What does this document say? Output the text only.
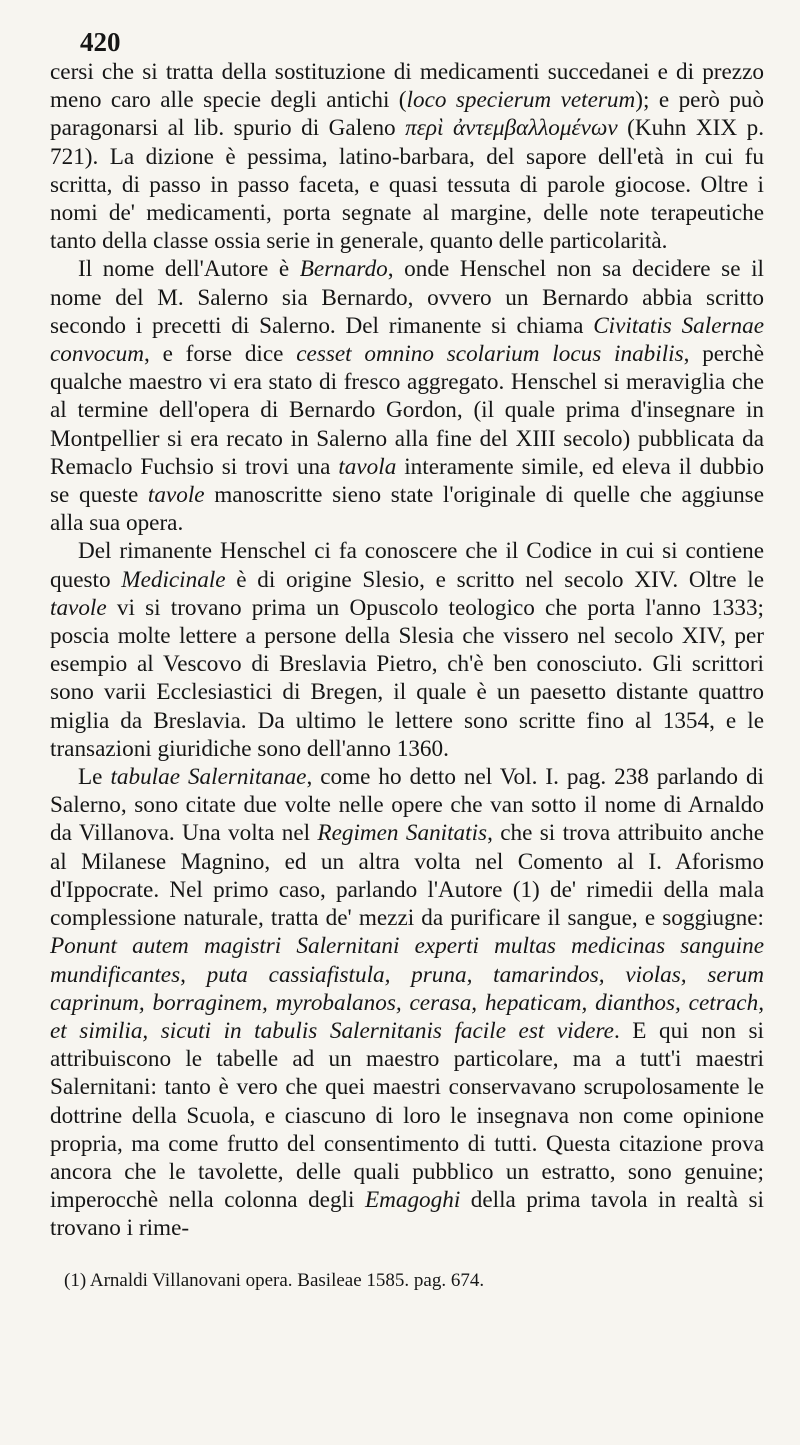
420

cersi che si tratta della sostituzione di medicamenti succedanei e di prezzo meno caro alle specie degli antichi (loco specierum veterum); e però può paragonarsi al lib. spurio di Galeno περὶ ἀντεμβαλλομένων (Kuhn XIX p. 721). La dizione è pessima, latino-barbara, del sapore dell'età in cui fu scritta, di passo in passo faceta, e quasi tessuta di parole giocose. Oltre i nomi de' medicamenti, porta segnate al margine, delle note terapeutiche tanto della classe ossia serie in generale, quanto delle particolarità.

Il nome dell'Autore è Bernardo, onde Henschel non sa decidere se il nome del M. Salerno sia Bernardo, ovvero un Bernardo abbia scritto secondo i precetti di Salerno. Del rimanente si chiama Civitatis Salernae convocum, e forse dice cesset omnino scolarium locus inabilis, perchè qualche maestro vi era stato di fresco aggregato. Henschel si meraviglia che al termine dell'opera di Bernardo Gordon, (il quale prima d'insegnare in Montpellier si era recato in Salerno alla fine del XIII secolo) pubblicata da Remaclo Fuchsio si trovi una tavola interamente simile, ed eleva il dubbio se queste tavole manoscritte sieno state l'originale di quelle che aggiunse alla sua opera.

Del rimanente Henschel ci fa conoscere che il Codice in cui si contiene questo Medicinale è di origine Slesio, e scritto nel secolo XIV. Oltre le tavole vi si trovano prima un Opuscolo teologico che porta l'anno 1333; poscia molte lettere a persone della Slesia che vissero nel secolo XIV, per esempio al Vescovo di Breslavia Pietro, ch'è ben conosciuto. Gli scrittori sono varii Ecclesiastici di Bregen, il quale è un paesetto distante quattro miglia da Breslavia. Da ultimo le lettere sono scritte fino al 1354, e le transazioni giuridiche sono dell'anno 1360.

Le tabulae Salernitanae, come ho detto nel Vol. I. pag. 238 parlando di Salerno, sono citate due volte nelle opere che van sotto il nome di Arnaldo da Villanova. Una volta nel Regimen Sanitatis, che si trova attribuito anche al Milanese Magnino, ed un altra volta nel Comento al I. Aforismo d'Ippocrate. Nel primo caso, parlando l'Autore (1) de' rimedii della mala complessione naturale, tratta de' mezzi da purificare il sangue, e soggiugne: Ponunt autem magistri Salernitani experti multas medicinas sanguine mundificantes, puta cassiafistula, pruna, tamarindos, violas, serum caprinum, borraginem, myrobalanos, cerasa, hepaticam, dianthos, cetrach, et similia, sicuti in tabulis Salernitanis facile est videre. E qui non si attribuiscono le tabelle ad un maestro particolare, ma a tutt'i maestri Salernitani: tanto è vero che quei maestri conservavano scrupolosamente le dottrine della Scuola, e ciascuno di loro le insegnava non come opinione propria, ma come frutto del consentimento di tutti. Questa citazione prova ancora che le tavolette, delle quali pubblico un estratto, sono genuine; imperocchè nella colonna degli Emagoghi della prima tavola in realtà si trovano i rime-

(1) Arnaldi Villanovani opera. Basileae 1585. pag. 674.
